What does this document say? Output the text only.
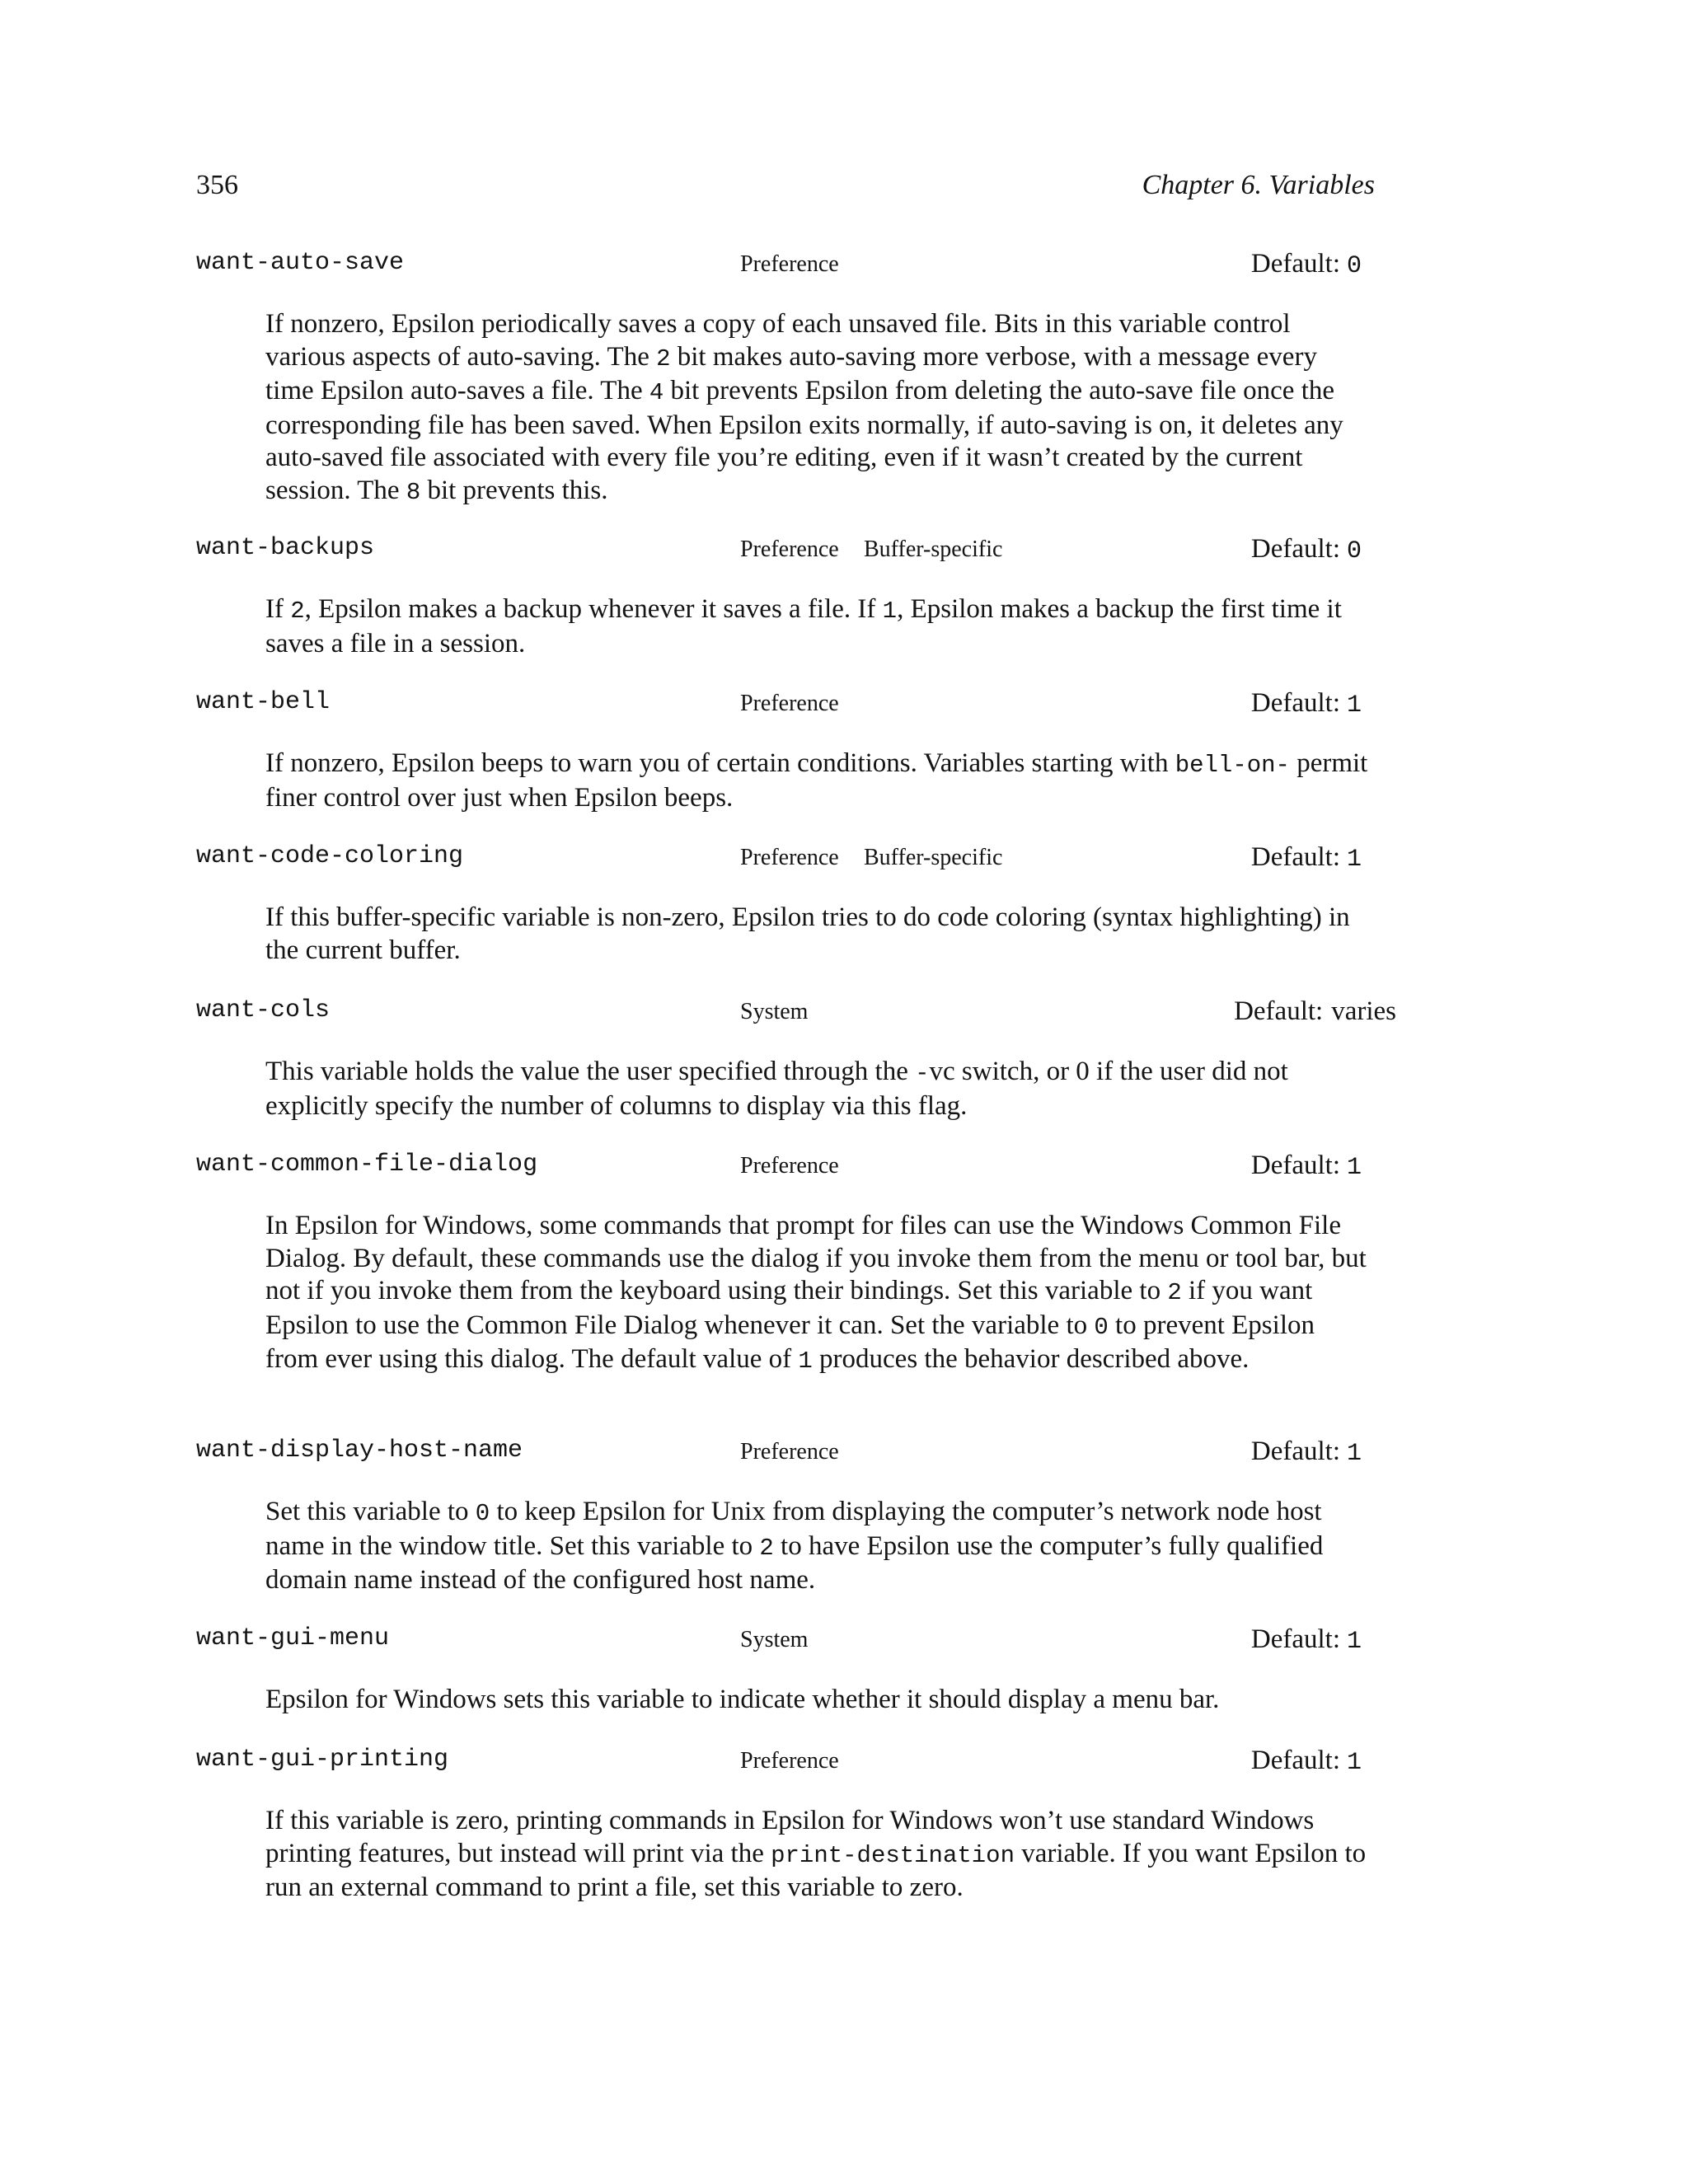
356	Chapter 6. Variables
want-auto-save	Preference	Default: 0

If nonzero, Epsilon periodically saves a copy of each unsaved file. Bits in this variable control various aspects of auto-saving. The 2 bit makes auto-saving more verbose, with a message every time Epsilon auto-saves a file. The 4 bit prevents Epsilon from deleting the auto-save file once the corresponding file has been saved. When Epsilon exits normally, if auto-saving is on, it deletes any auto-saved file associated with every file you’re editing, even if it wasn’t created by the current session. The 8 bit prevents this.

want-backups	Preference Buffer-specific	Default: 0

If 2, Epsilon makes a backup whenever it saves a file. If 1, Epsilon makes a backup the first time it saves a file in a session.

want-bell	Preference	Default: 1

If nonzero, Epsilon beeps to warn you of certain conditions. Variables starting with bell-on- permit finer control over just when Epsilon beeps.

want-code-coloring	Preference Buffer-specific	Default: 1

If this buffer-specific variable is non-zero, Epsilon tries to do code coloring (syntax highlighting) in the current buffer.

want-cols	System	Default: varies

This variable holds the value the user specified through the -vc switch, or 0 if the user did not explicitly specify the number of columns to display via this flag.

want-common-file-dialog	Preference	Default: 1

In Epsilon for Windows, some commands that prompt for files can use the Windows Common File Dialog. By default, these commands use the dialog if you invoke them from the menu or tool bar, but not if you invoke them from the keyboard using their bindings. Set this variable to 2 if you want Epsilon to use the Common File Dialog whenever it can. Set the variable to 0 to prevent Epsilon from ever using this dialog. The default value of 1 produces the behavior described above.

want-display-host-name	Preference	Default: 1

Set this variable to 0 to keep Epsilon for Unix from displaying the computer’s network node host name in the window title. Set this variable to 2 to have Epsilon use the computer’s fully qualified domain name instead of the configured host name.

want-gui-menu	System	Default: 1

Epsilon for Windows sets this variable to indicate whether it should display a menu bar.

want-gui-printing	Preference	Default: 1

If this variable is zero, printing commands in Epsilon for Windows won’t use standard Windows printing features, but instead will print via the print-destination variable. If you want Epsilon to run an external command to print a file, set this variable to zero.
